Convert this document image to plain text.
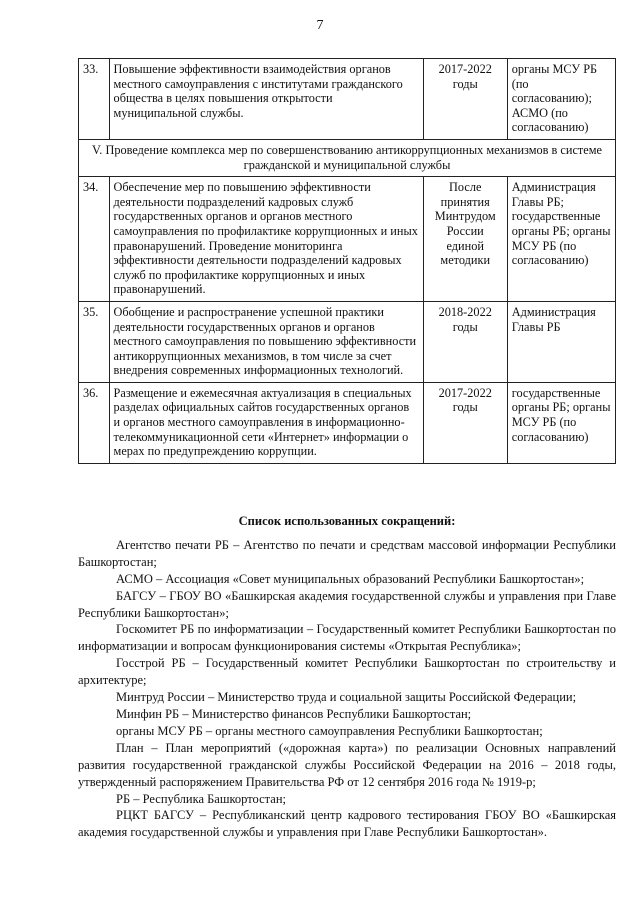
7
33.	Повышение эффективности взаимодействия органов местного самоуправления с институтами гражданского общества в целях повышения открытости муниципальной службы.	2017-2022 годы	органы МСУ РБ (по согласованию); АСМО (по согласованию)
V. Проведение комплекса мер по совершенствованию антикоррупционных механизмов в системе гражданской и муниципальной службы			
34.	Обеспечение мер по повышению эффективности деятельности подразделений кадровых служб государственных органов и органов местного самоуправления по профилактике коррупционных и иных правонарушений. Проведение мониторинга эффективности деятельности подразделений кадровых служб по профилактике коррупционных и иных правонарушений.	После принятия Минтрудом России единой методики	Администрация Главы РБ; государственные органы РБ; органы МСУ РБ (по согласованию)
35.	Обобщение и распространение успешной практики деятельности государственных органов и органов местного самоуправления по повышению эффективности антикоррупционных механизмов, в том числе за счет внедрения современных информационных технологий.	2018-2022 годы	Администрация Главы РБ
36.	Размещение и ежемесячная актуализация в специальных разделах официальных сайтов государственных органов и органов местного самоуправления в информационно-телекоммуникационной сети «Интернет» информации о мерах по предупреждению коррупции.	2017-2022 годы	государственные органы РБ; органы МСУ РБ (по согласованию)
Список использованных сокращений:

Агентство печати РБ – Агентство по печати и средствам массовой информации Республики Башкортостан;

АСМО – Ассоциация «Совет муниципальных образований Республики Башкортостан»;

БАГСУ – ГБОУ ВО «Башкирская академия государственной службы и управления при Главе Республики Башкортостан»;

Госкомитет РБ по информатизации – Государственный комитет Республики Башкортостан по информатизации и вопросам функционирования системы «Открытая Республика»;

Госстрой РБ – Государственный комитет Республики Башкортостан по строительству и архитектуре;

Минтруд России – Министерство труда и социальной защиты Российской Федерации;

Минфин РБ – Министерство финансов Республики Башкортостан;

органы МСУ РБ – органы местного самоуправления Республики Башкортостан;

План – План мероприятий («дорожная карта») по реализации Основных направлений развития государственной гражданской службы Российской Федерации на 2016 – 2018 годы, утвержденный распоряжением Правительства РФ от 12 сентября 2016 года № 1919-р;

РБ – Республика Башкортостан;

РЦКТ БАГСУ – Республиканский центр кадрового тестирования ГБОУ ВО «Башкирская академия государственной службы и управления при Главе Республики Башкортостан».
